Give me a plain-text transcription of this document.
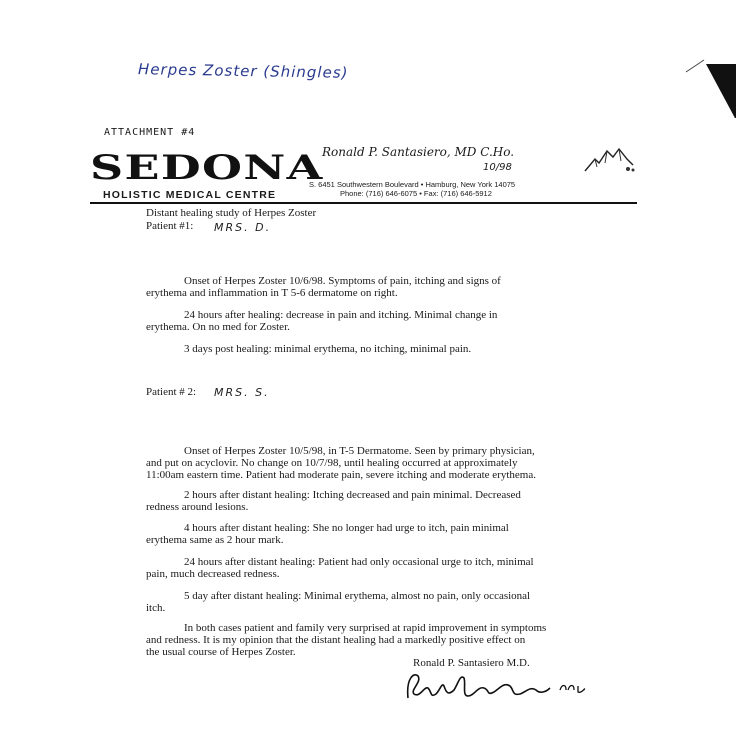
Herpes Zoster (Shingles)
ATTACHMENT #4
SEDONA
HOLISTIC MEDICAL CENTRE
Ronald P. Santasiero, MD C.Ho.
10/98
S. 6451 Southwestern Boulevard • Hamburg, New York 14075
Phone: (716) 646-6075 • Fax: (716) 646-5912
Distant healing study of Herpes Zoster
Patient #1: MRS. D.
Onset of Herpes Zoster 10/6/98. Symptoms of pain, itching and signs of
erythema and inflammation in T 5-6 dermatome on right.
24 hours after healing: decrease in pain and itching. Minimal change in
erythema. On no med for Zoster.
3 days post healing: minimal erythema, no itching, minimal pain.
Patient # 2: MRS. S.
Onset of Herpes Zoster 10/5/98, in T-5 Dermatome. Seen by primary physician,
and put on acyclovir. No change on 10/7/98, until healing occurred at approximately
11:00am eastern time. Patient had moderate pain, severe itching and moderate erythema.
2 hours after distant healing: Itching decreased and pain minimal. Decreased
redness around lesions.
4 hours after distant healing: She no longer had urge to itch, pain minimal
erythema same as 2 hour mark.
24 hours after distant healing: Patient had only occasional urge to itch, minimal
pain, much decreased redness.
5 day after distant healing: Minimal erythema, almost no pain, only occasional
itch.
In both cases patient and family very surprised at rapid improvement in symptoms
and redness. It is my opinion that the distant healing had a markedly positive effect on
the usual course of Herpes Zoster.
Ronald P. Santasiero M.D.
